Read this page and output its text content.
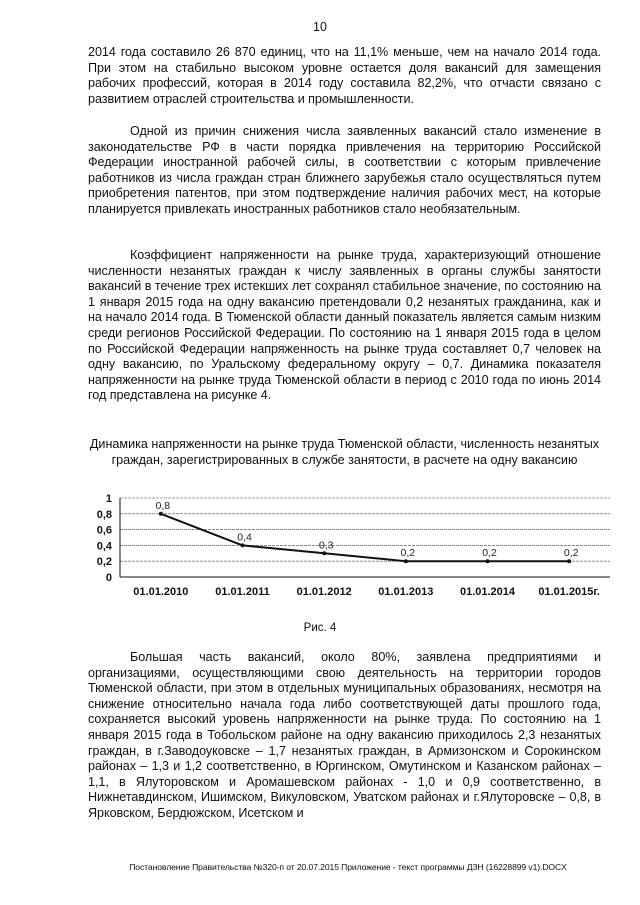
10

2014 года составило 26 870 единиц, что на 11,1% меньше, чем на начало 2014 года. При этом на стабильно высоком уровне остается доля вакансий для замещения рабочих профессий, которая в 2014 году составила 82,2%, что отчасти связано с развитием отраслей строительства и промышленности.

Одной из причин снижения числа заявленных вакансий стало изменение в законодательстве РФ в части порядка привлечения на территорию Российской Федерации иностранной рабочей силы, в соответствии с которым привлечение работников из числа граждан стран ближнего зарубежья стало осуществляться путем приобретения патентов, при этом подтверждение наличия рабочих мест, на которые планируется привлекать иностранных работников стало необязательным.

Коэффициент напряженности на рынке труда, характеризующий отношение численности незанятых граждан к числу заявленных в органы службы занятости вакансий в течение трех истекших лет сохранял стабильное значение, по состоянию на 1 января 2015 года на одну вакансию претендовали 0,2 незанятых гражданина, как и на начало 2014 года. В Тюменской области данный показатель является самым низким среди регионов Российской Федерации. По состоянию на 1 января 2015 года в целом по Российской Федерации напряженность на рынке труда составляет 0,7 человек на одну вакансию, по Уральскому федеральному округу – 0,7. Динамика показателя напряженности на рынке труда Тюменской области в период с 2010 года по июнь 2014 год представлена на рисунке 4.

Динамика напряженности на рынке труда Тюменской области, численность незанятых граждан, зарегистрированных в службе занятости, в расчете на одну вакансию
0
0,2
0,4
0,6
0,8
1
0,8
0,4
0,3
0,2	0,2	0,2
01.01.2010 01.01.2011 01.01.2012 01.01.2013 01.01.2014 01.01.2015г.
Рис. 4

Большая часть вакансий, около 80%, заявлена предприятиями и организациями, осуществляющими свою деятельность на территории городов Тюменской области, при этом в отдельных муниципальных образованиях, несмотря на снижение относительно начала года либо соответствующей даты прошлого года, сохраняется высокий уровень напряженности на рынке труда. По состоянию на 1 января 2015 года в Тобольском районе на одну вакансию приходилось 2,3 незанятых граждан, в г.Заводоуковске – 1,7 незанятых граждан, в Армизонском и Сорокинском районах – 1,3 и 1,2 соответственно, в Юргинском, Омутинском и Казанском районах – 1,1, в Ялуторовском и Аромашевском районах - 1,0 и 0,9 соответственно, в Нижнетавдинском, Ишимском, Викуловском, Уватском районах и г.Ялуторовске – 0,8, в Ярковском, Бердюжском, Исетском и

Постановление Правительства №320-п от 20.07.2015 Приложение - текст программы ДЗН (16228899 v1).DOCX
